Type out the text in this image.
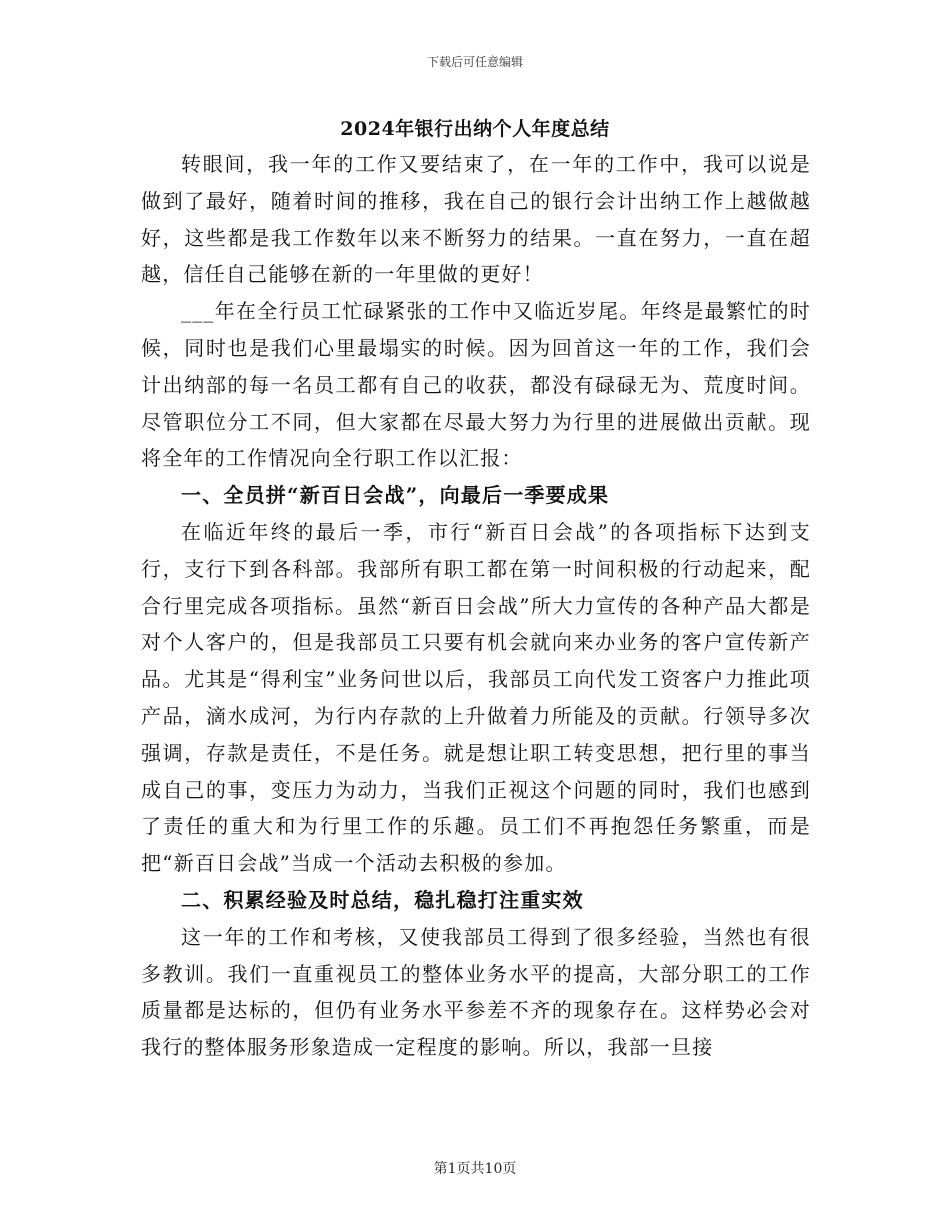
下载后可任意编辑
2024年银行出纳个人年度总结

转眼间，我一年的工作又要结束了，在一年的工作中，我可以说是做到了最好，随着时间的推移，我在自己的银行会计出纳工作上越做越好，这些都是我工作数年以来不断努力的结果。一直在努力，一直在超越，信任自己能够在新的一年里做的更好！

___年在全行员工忙碌紧张的工作中又临近岁尾。年终是最繁忙的时候，同时也是我们心里最塌实的时候。因为回首这一年的工作，我们会计出纳部的每一名员工都有自己的收获，都没有碌碌无为、荒度时间。尽管职位分工不同，但大家都在尽最大努力为行里的进展做出贡献。现将全年的工作情况向全行职工作以汇报：

一、全员拼“新百日会战”，向最后一季要成果

在临近年终的最后一季，市行“新百日会战”的各项指标下达到支行，支行下到各科部。我部所有职工都在第一时间积极的行动起来，配合行里完成各项指标。虽然“新百日会战”所大力宣传的各种产品大都是对个人客户的，但是我部员工只要有机会就向来办业务的客户宣传新产品。尤其是“得利宝”业务问世以后，我部员工向代发工资客户力推此项产品，滴水成河，为行内存款的上升做着力所能及的贡献。行领导多次强调，存款是责任，不是任务。就是想让职工转变思想，把行里的事当成自己的事，变压力为动力，当我们正视这个问题的同时，我们也感到了责任的重大和为行里工作的乐趣。员工们不再抱怨任务繁重，而是把“新百日会战”当成一个活动去积极的参加。

二、积累经验及时总结，稳扎稳打注重实效

这一年的工作和考核，又使我部员工得到了很多经验，当然也有很多教训。我们一直重视员工的整体业务水平的提高，大部分职工的工作质量都是达标的，但仍有业务水平参差不齐的现象存在。这样势必会对我行的整体服务形象造成一定程度的影响。所以，我部一旦接

第1页共10页
